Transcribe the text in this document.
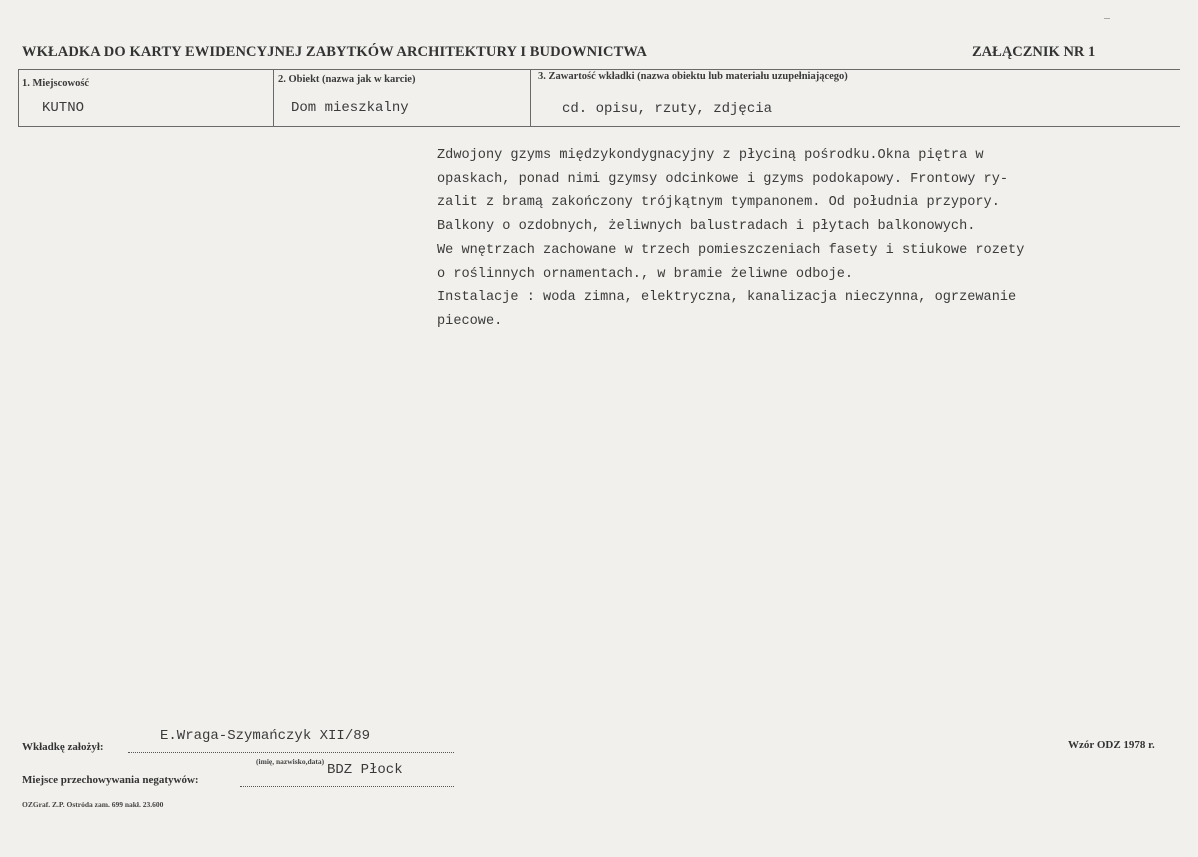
WKŁADKA DO KARTY EWIDENCYJNEJ ZABYTKÓW ARCHITEKTURY I BUDOWNICTWA	ZAŁĄCZNIK NR 1
1. Miejscowość	2. Obiekt (nazwa jak w karcie)	3. Zawartość wkładki (nazwa obiektu lub materiału uzupełniającego)
KUTNO	Dom mieszkalny	cd. opisu, rzuty, zdjęcia
Zdwojony gzyms międzykondygnacyjny z płyciną pośrodku.Okna piętra w
opaskach, ponad nimi gzymsy odcinkowe i gzyms podokapowy. Frontowy ry-
zalit z bramą zakończony trójkątnym tympanonem. Od południa przypory.
Balkony o ozdobnych, żeliwnych balustradach i płytach balkonowych.
We wnętrzach zachowane w trzech pomieszczeniach fasety i stiukowe rozety
o roślinnych ornamentach., w bramie żeliwne odboje.
Instalacje : woda zimna, elektryczna, kanalizacja nieczynna, ogrzewanie
piecowe.
Wkładkę założył:
E.Wraga-Szymańczyk XII/89
(imię, nazwisko,data)
Miejsce przechowywania negatywów:
BDZ Płock
Wzór ODZ 1978 r.
OZGraf. Z.P. Ostróda zam. 699 nakł. 23.600
